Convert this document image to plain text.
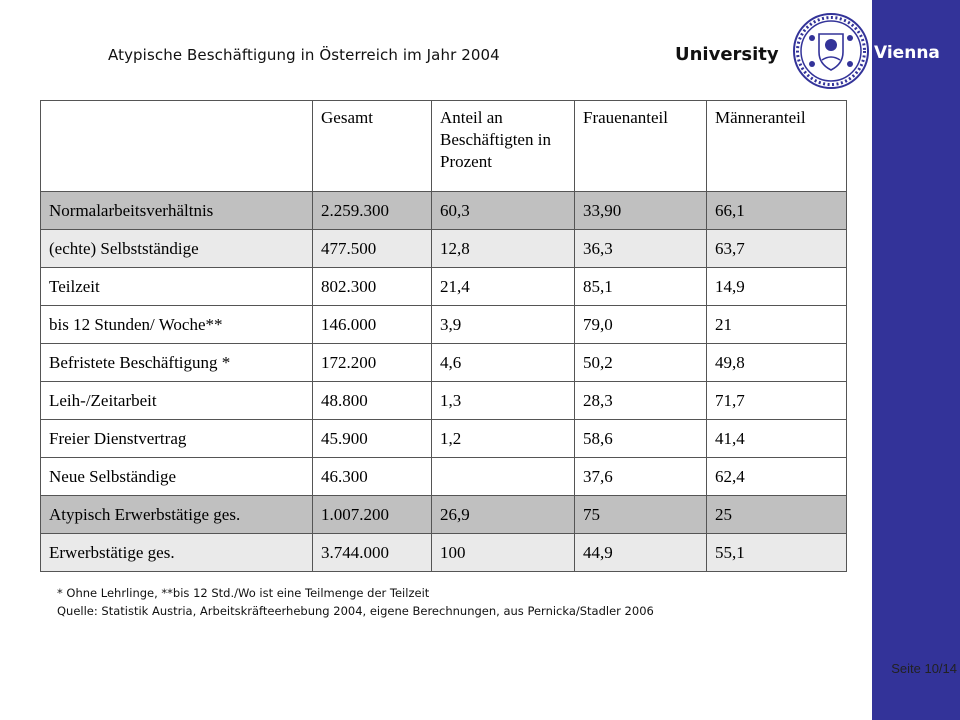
Vienna
Seite 10/14
University
Atypische Beschäftigung in Österreich im Jahr 2004
	Gesamt	Anteil an Beschäftigten in Prozent	Frauenanteil	Männeranteil
Normalarbeitsverhältnis	2.259.300	60,3	33,90	66,1
(echte) Selbstständige	477.500	12,8	36,3	63,7
Teilzeit	802.300	21,4	85,1	14,9
bis 12 Stunden/ Woche**	146.000	3,9	79,0	21
Befristete Beschäftigung *	172.200	4,6	50,2	49,8
Leih-/Zeitarbeit	48.800	1,3	28,3	71,7
Freier Dienstvertrag	45.900	1,2	58,6	41,4
Neue Selbständige	46.300		37,6	62,4
Atypisch Erwerbstätige ges.	1.007.200	26,9	75	25
Erwerbstätige ges.	3.744.000	100	44,9	55,1
* Ohne Lehrlinge, **bis 12 Std./Wo ist eine Teilmenge der Teilzeit
Quelle: Statistik Austria, Arbeitskräfteerhebung 2004, eigene Berechnungen, aus Pernicka/Stadler 2006
